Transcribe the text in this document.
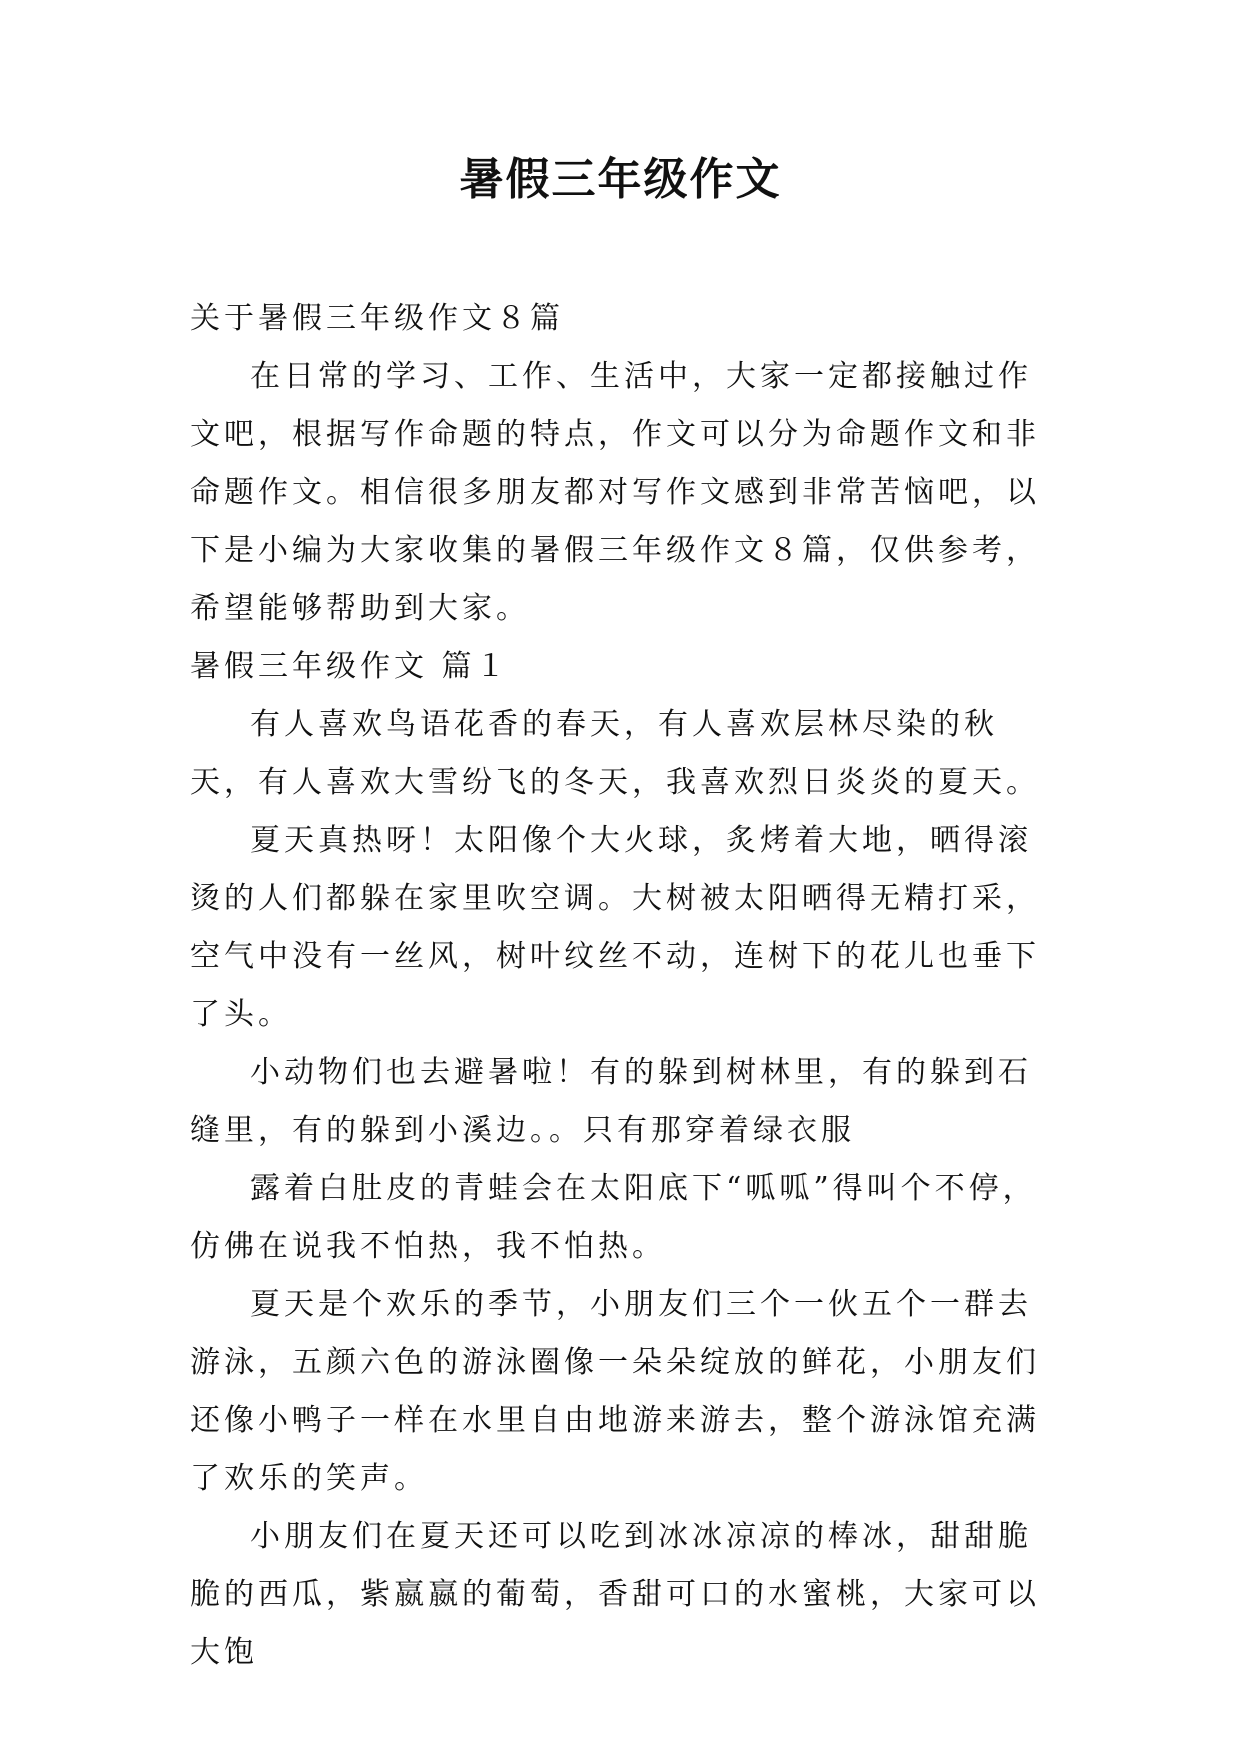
暑假三年级作文

关于暑假三年级作文８篇

在日常的学习、工作、生活中，大家一定都接触过作文吧，根据写作命题的特点，作文可以分为命题作文和非命题作文。相信很多朋友都对写作文感到非常苦恼吧，以下是小编为大家收集的暑假三年级作文８篇，仅供参考，希望能够帮助到大家。

暑假三年级作文 篇１

有人喜欢鸟语花香的春天，有人喜欢层林尽染的秋天，有人喜欢大雪纷飞的冬天，我喜欢烈日炎炎的夏天。

夏天真热呀！太阳像个大火球，炙烤着大地，晒得滚烫的人们都躲在家里吹空调。大树被太阳晒得无精打采，空气中没有一丝风，树叶纹丝不动，连树下的花儿也垂下了头。

小动物们也去避暑啦！有的躲到树林里，有的躲到石缝里，有的躲到小溪边。。只有那穿着绿衣服

露着白肚皮的青蛙会在太阳底下“呱呱”得叫个不停，仿佛在说我不怕热，我不怕热。

夏天是个欢乐的季节，小朋友们三个一伙五个一群去游泳，五颜六色的游泳圈像一朵朵绽放的鲜花，小朋友们还像小鸭子一样在水里自由地游来游去，整个游泳馆充满了欢乐的笑声。

小朋友们在夏天还可以吃到冰冰凉凉的棒冰，甜甜脆脆的西瓜，紫嬴嬴的葡萄，香甜可口的水蜜桃，大家可以大饱
